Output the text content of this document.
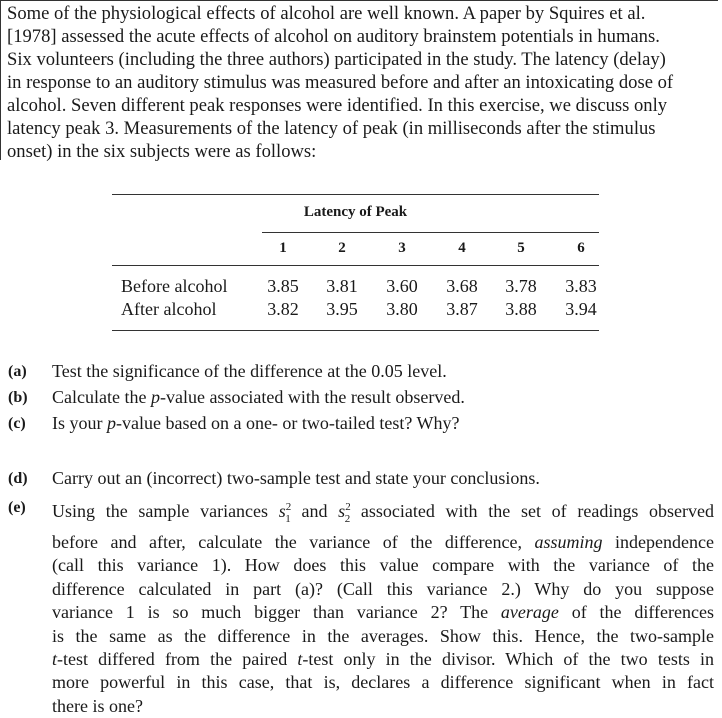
Some of the physiological effects of alcohol are well known. A paper by Squires et al.
[1978] assessed the acute effects of alcohol on auditory brainstem potentials in humans.
Six volunteers (including the three authors) participated in the study. The latency (delay)
in response to an auditory stimulus was measured before and after an intoxicating dose of
alcohol. Seven different peak responses were identified. In this exercise, we discuss only
latency peak 3. Measurements of the latency of peak (in milliseconds after the stimulus
onset) in the six subjects were as follows:
Latency of Peak
1	2	3	4	5	6
Before alcohol	3.85	3.81	3.60	3.68	3.78	3.83
After alcohol	3.82	3.95	3.80	3.87	3.88	3.94
(a) Test the significance of the difference at the 0.05 level.
(b) Calculate the p-value associated with the result observed.
(c) Is your p-value based on a one- or two-tailed test? Why?
(d) Carry out an (incorrect) two-sample test and state your conclusions.
(e) Using the sample variances $s^2_1$ and $s^2_2$ associated with the set of readings observed
before and after, calculate the variance of the difference, assuming independence
(call this variance 1). How does this value compare with the variance of the
difference calculated in part (a)? (Call this variance 2.) Why do you suppose
variance 1 is so much bigger than variance 2? The average of the differences
is the same as the difference in the averages. Show this. Hence, the two-sample
t-test differed from the paired t-test only in the divisor. Which of the two tests in
more powerful in this case, that is, declares a difference significant when in fact
there is one?
